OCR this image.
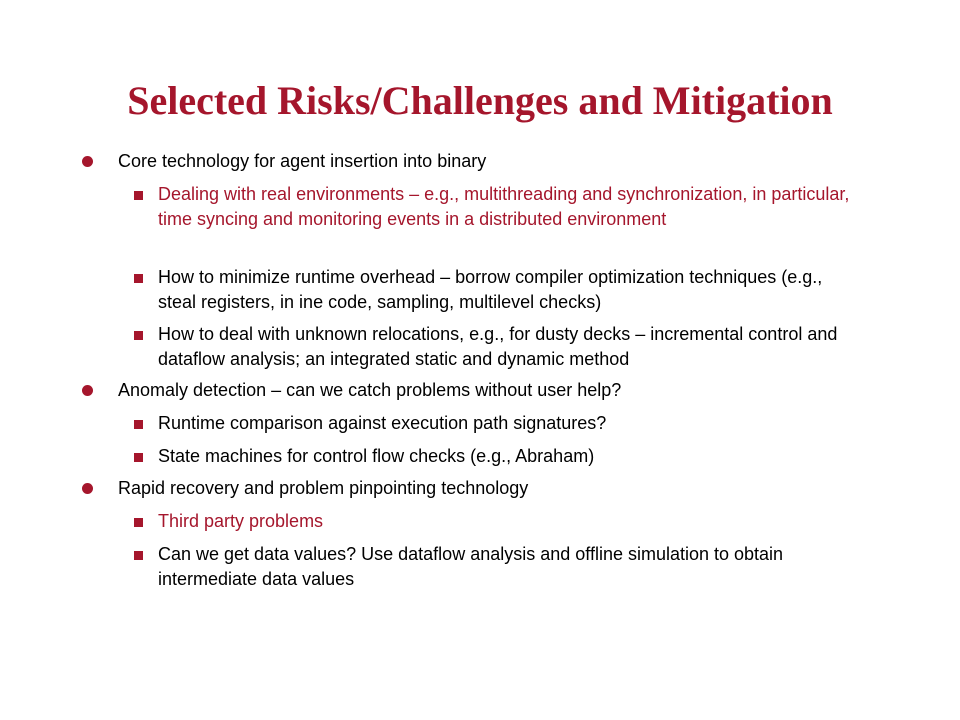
Selected Risks/Challenges and Mitigation
Core technology for agent insertion into binary
Dealing with real environments – e.g., multithreading and synchronization, in particular, time syncing and monitoring events in a distributed environment
How to minimize runtime overhead – borrow compiler optimization techniques (e.g., steal registers, in ine code, sampling, multilevel checks)
How to deal with unknown relocations, e.g., for dusty decks – incremental control and dataflow analysis; an integrated static and dynamic method
Anomaly detection – can we catch problems without user help?
Runtime comparison against execution path signatures?
State machines for control flow checks (e.g., Abraham)
Rapid recovery and problem pinpointing technology
Third party problems
Can we get data values? Use dataflow analysis and offline simulation to obtain intermediate data values
